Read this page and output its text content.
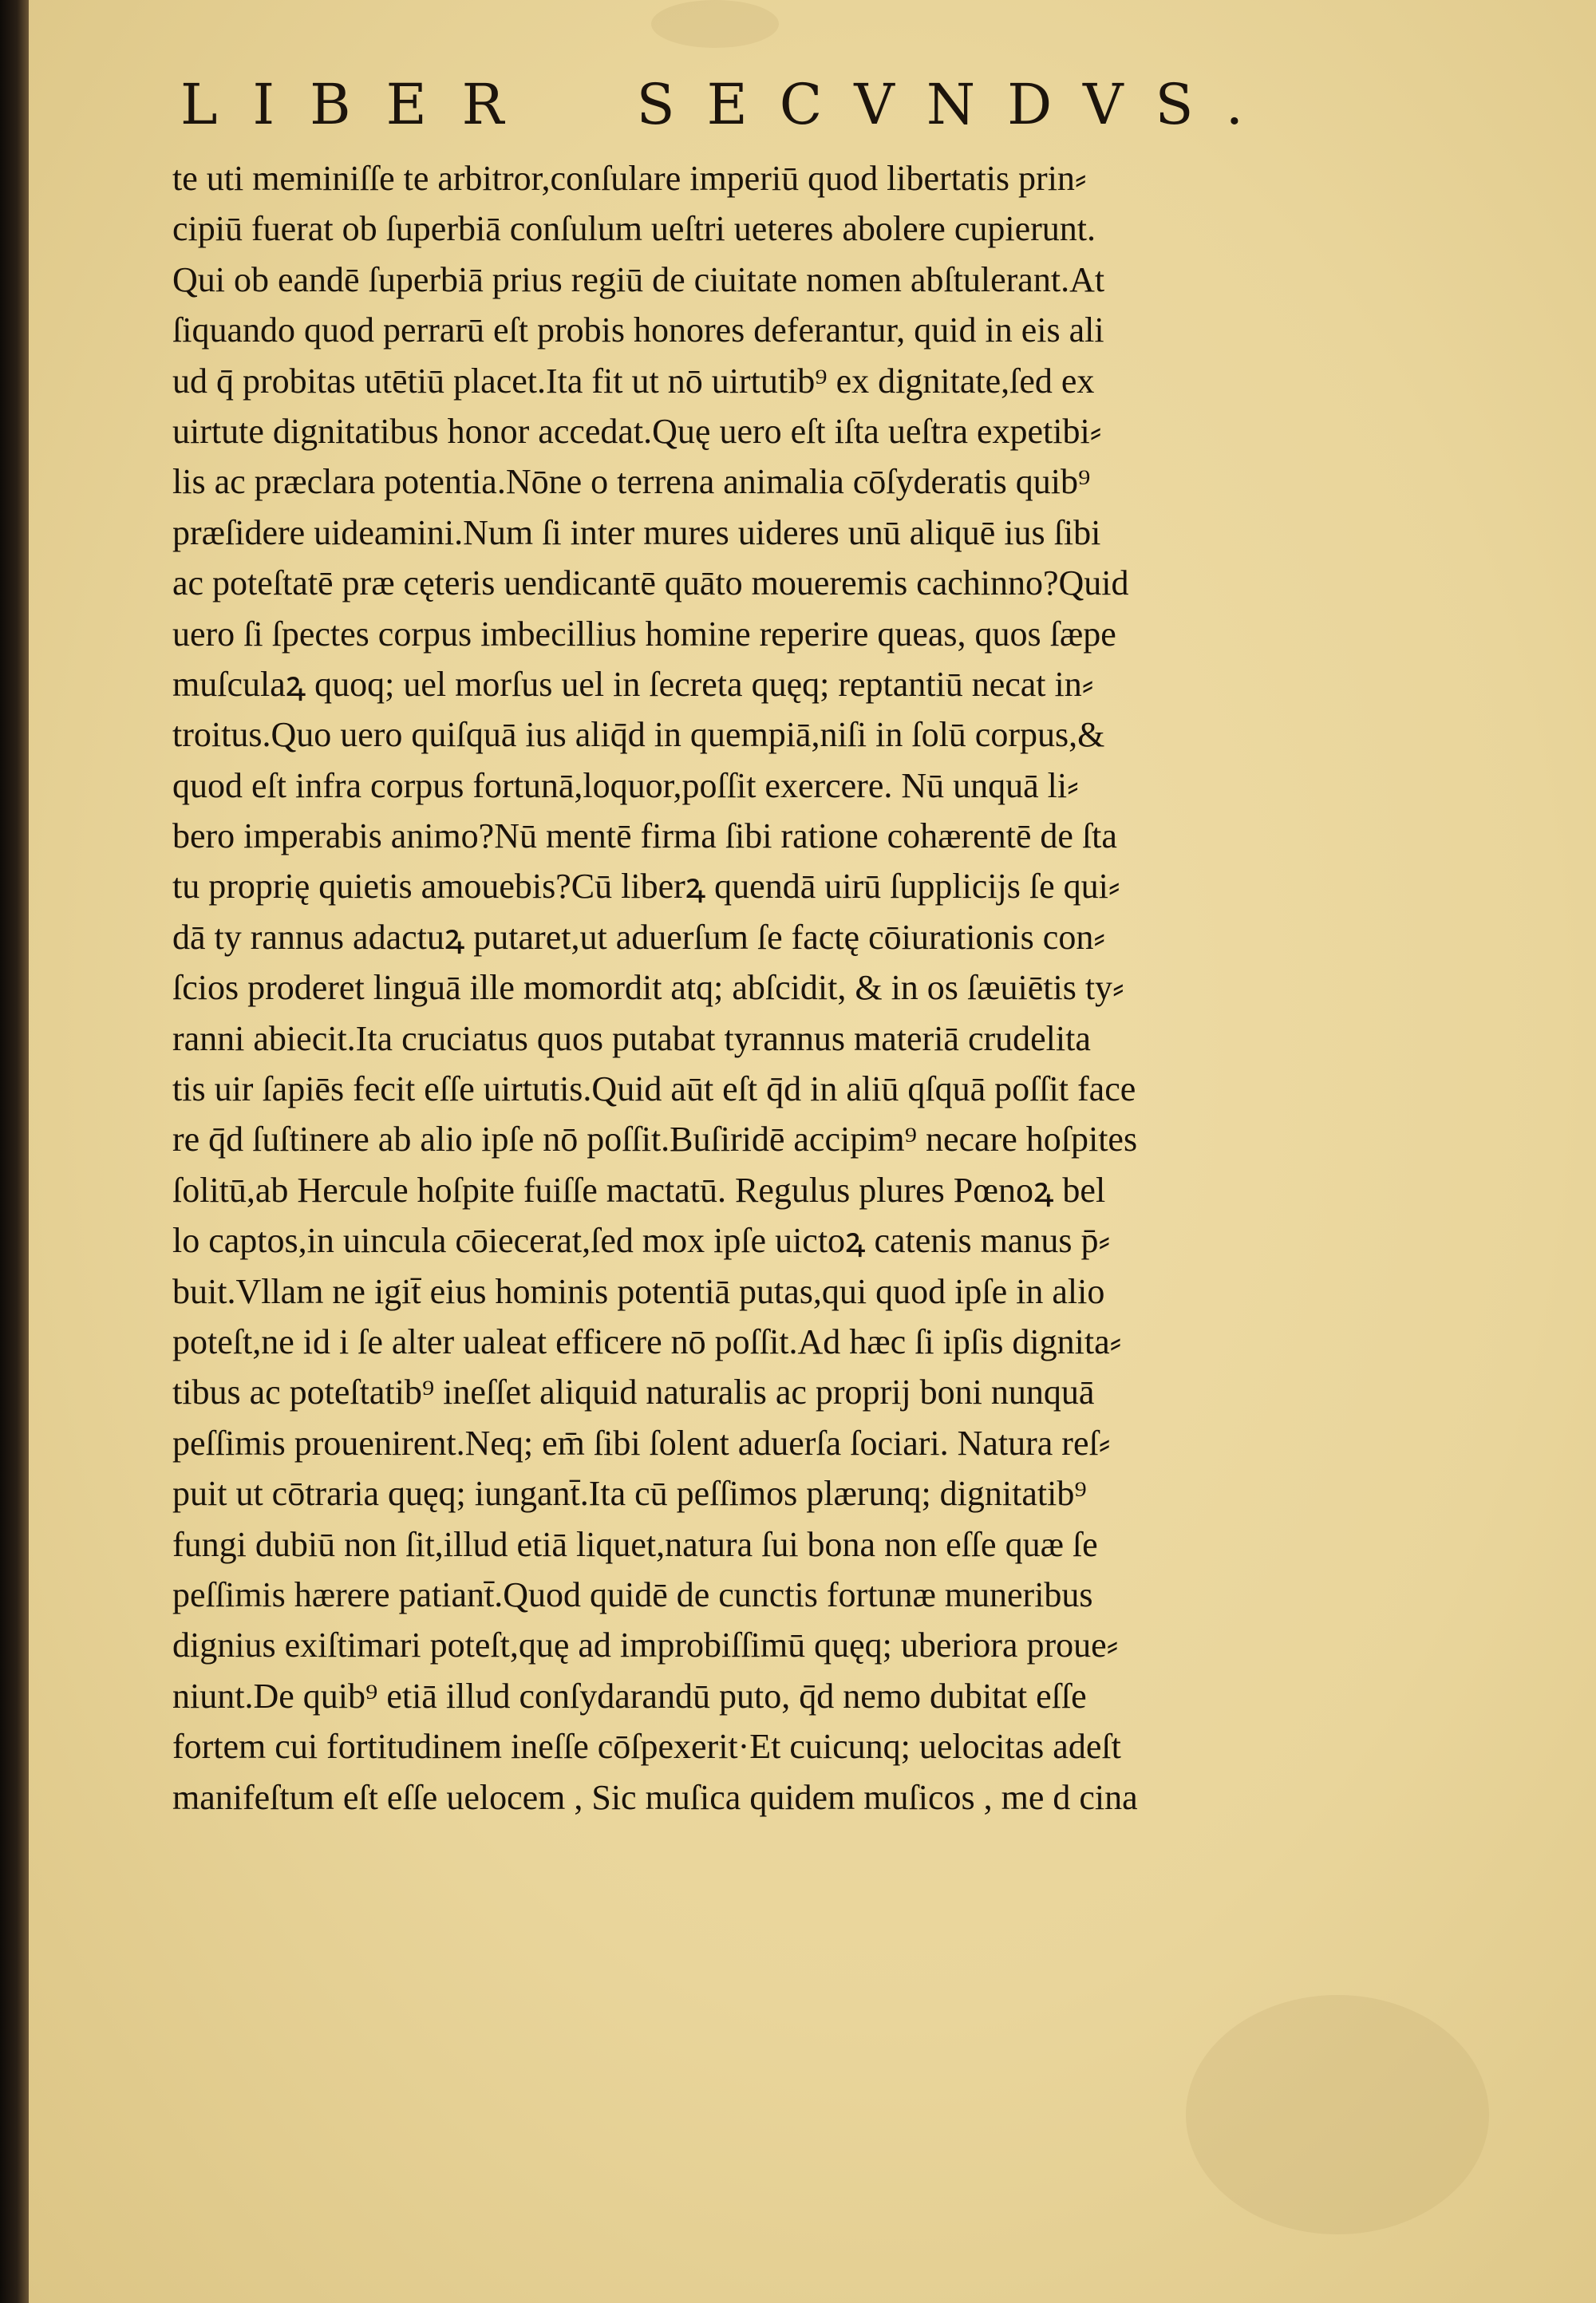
LIBER SECVNDVS .
te uti meminiſſe te arbitror,conſulare imperiū quod libertatis prin⸗
cipiū fuerat ob ſuperbiā conſulum ueſtri ueteres abolere cupierunt.
Qui ob eandē ſuperbiā prius regiū de ciuitate nomen abſtulerant.At
ſiquando quod perrarū eſt probis honores deferantur, quid in eis ali
ud q̄ probitas utētiū placet.Ita fit ut nō uirtutib⁹ ex dignitate,ſed ex
uirtute dignitatibus honor accedat.Quę uero eſt iſta ueſtra expetibi⸗
lis ac præclara potentia.Nōne o terrena animalia cōſyderatis quib⁹
præſidere uideamini.Num ſi inter mures uideres unū aliquē ius ſibi
ac poteſtatē præ cęteris uendicantē quāto moueremis cachinno?Quid
uero ſi ſpectes corpus imbecillius homine reperire queas, quos ſæpe
muſculaꝝ quoq; uel morſus uel in ſecreta quęq; reptantiū necat in⸗
troitus.Quo uero quiſquā ius aliq̄d in quempiā,niſi in ſolū corpus,&
quod eſt infra corpus fortunā,loquor,poſſit exercere. Nū unquā li⸗
bero imperabis animo?Nū mentē firma ſibi ratione cohærentē de ſta
tu proprię quietis amouebis?Cū liberꝝ quendā uirū ſupplicijs ſe qui⸗
dā ty rannus adactuꝝ putaret,ut aduerſum ſe factę cōiurationis con⸗
ſcios proderet linguā ille momordit atq; abſcidit, & in os ſæuiētis ty⸗
ranni abiecit.Ita cruciatus quos putabat tyrannus materiā crudelita
tis uir ſapiēs fecit eſſe uirtutis.Quid aūt eſt q̄d in aliū qſquā poſſit face
re q̄d ſuſtinere ab alio ipſe nō poſſit.Buſiridē accipim⁹ necare hoſpites
ſolitū,ab Hercule hoſpite fuiſſe mactatū. Regulus plures Pœnoꝝ bel
lo captos,in uincula cōiecerat,ſed mox ipſe uictoꝝ catenis manus p̄⸗
buit.Vllam ne igit̄ eius hominis potentiā putas,qui quod ipſe in alio
poteſt,ne id i ſe alter ualeat efficere nō poſſit.Ad hæc ſi ipſis dignita⸗
tibus ac poteſtatib⁹ ineſſet aliquid naturalis ac proprij boni nunquā
peſſimis prouenirent.Neq; em̄ ſibi ſolent aduerſa ſociari. Natura reſ⸗
puit ut cōtraria quęq; iungant̄.Ita cū peſſimos plærunq; dignitatib⁹
fungi dubiū non ſit,illud etiā liquet,natura ſui bona non eſſe quæ ſe
peſſimis hærere patiant̄.Quod quidē de cunctis fortunæ muneribus
dignius exiſtimari poteſt,quę ad improbiſſimū quęq; uberiora proue⸗
niunt.De quib⁹ etiā illud conſydarandū puto, q̄d nemo dubitat eſſe
fortem cui fortitudinem ineſſe cōſpexerit·Et cuicunq; uelocitas adeſt
manifeſtum eſt eſſe uelocem , Sic muſica quidem muſicos , me d cina
